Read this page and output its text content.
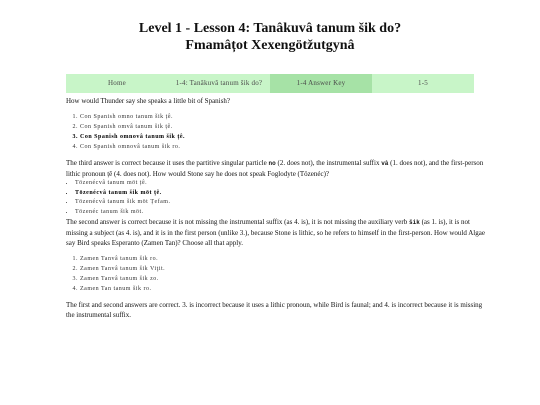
Level 1 - Lesson 4: Tanâkuvâ tanum šik do?
Fmamâțot Xexengötžutgynâ
Home	1-4: Tanâkuvâ tanum šik do?	1-4 Answer Key	1-5

How would Thunder say she speaks a little bit of Spanish?

1. Con Spanish omno tanum šik țê.
2. Con Spanish omvâ tanum šik țê.
3. Con Spanish omnovâ tanum šik țê.
4. Con Spanish omnovâ tanum šik ro.

The third answer is correct because it uses the partitive singular particle no (2. does not), the instrumental suffix vâ (1. does not), and the first-person lithic pronoun țê (4. does not). How would Stone say he does not speak Foglodyte (Tözenéc)?

• Tözenécvâ tanum möt țê.
• Tözenécvâ tanum šik möt țê.
• Tözenécvâ tanum šik möt Țefam.
• Tözenéc tanum šik möt.

The second answer is correct because it is not missing the instrumental suffix (as 4. is), it is not missing the auxiliary verb šik (as 1. is), it is not missing a subject (as 4. is), and it is in the first person (unlike 3.), because Stone is lithic, so he refers to himself in the first-person. How would Algae say Bird speaks Esperanto (Zamen Tan)? Choose all that apply.

1. Zamen Tanvâ tanum šik ro.
2. Zamen Tanvâ tanum šik Viţit.
3. Zamen Tanvâ tanum šik zo.
4. Zamen Tan tanum šik ro.

The first and second answers are correct. 3. is incorrect because it uses a lithic pronoun, while Bird is faunal; and 4. is incorrect because it is missing the instrumental suffix.
